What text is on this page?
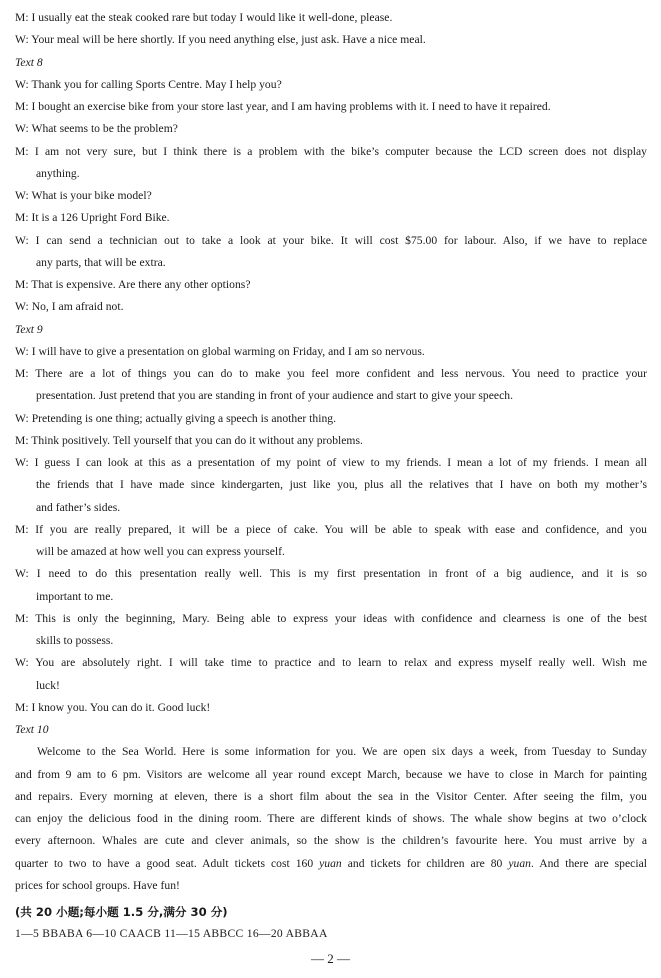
M: I usually eat the steak cooked rare but today I would like it well-done, please.
W: Your meal will be here shortly. If you need anything else, just ask. Have a nice meal.
Text 8
W: Thank you for calling Sports Centre. May I help you?
M: I bought an exercise bike from your store last year, and I am having problems with it. I need to have it repaired.
W: What seems to be the problem?
M: I am not very sure, but I think there is a problem with the bike’s computer because the LCD screen does not display
anything.
W: What is your bike model?
M: It is a 126 Upright Ford Bike.
W: I can send a technician out to take a look at your bike. It will cost $75.00 for labour. Also, if we have to replace
any parts, that will be extra.
M: That is expensive. Are there any other options?
W: No, I am afraid not.
Text 9
W: I will have to give a presentation on global warming on Friday, and I am so nervous.
M: There are a lot of things you can do to make you feel more confident and less nervous. You need to practice your
presentation. Just pretend that you are standing in front of your audience and start to give your speech.
W: Pretending is one thing; actually giving a speech is another thing.
M: Think positively. Tell yourself that you can do it without any problems.
W: I guess I can look at this as a presentation of my point of view to my friends. I mean a lot of my friends. I mean all
the friends that I have made since kindergarten, just like you, plus all the relatives that I have on both my mother’s
and father’s sides.
M: If you are really prepared, it will be a piece of cake. You will be able to speak with ease and confidence, and you
will be amazed at how well you can express yourself.
W: I need to do this presentation really well. This is my first presentation in front of a big audience, and it is so
important to me.
M: This is only the beginning, Mary. Being able to express your ideas with confidence and clearness is one of the best
skills to possess.
W: You are absolutely right. I will take time to practice and to learn to relax and express myself really well. Wish me
luck!
M: I know you. You can do it. Good luck!
Text 10
Welcome to the Sea World. Here is some information for you. We are open six days a week, from Tuesday to Sunday
and from 9 am to 6 pm. Visitors are welcome all year round except March, because we have to close in March for painting
and repairs. Every morning at eleven, there is a short film about the sea in the Visitor Center. After seeing the film, you
can enjoy the delicious food in the dining room. There are different kinds of shows. The whale show begins at two o’clock
every afternoon. Whales are cute and clever animals, so the show is the children’s favourite here. You must arrive by a
quarter to two to have a good seat. Adult tickets cost 160 yuan and tickets for children are 80 yuan. And there are special
prices for school groups. Have fun!
(共 20 小题;每小题 1.5 分,满分 30 分)
1—5 BBABA 6—10 CAACB 11—15 ABBCC 16—20 ABBAA
— 2 —
